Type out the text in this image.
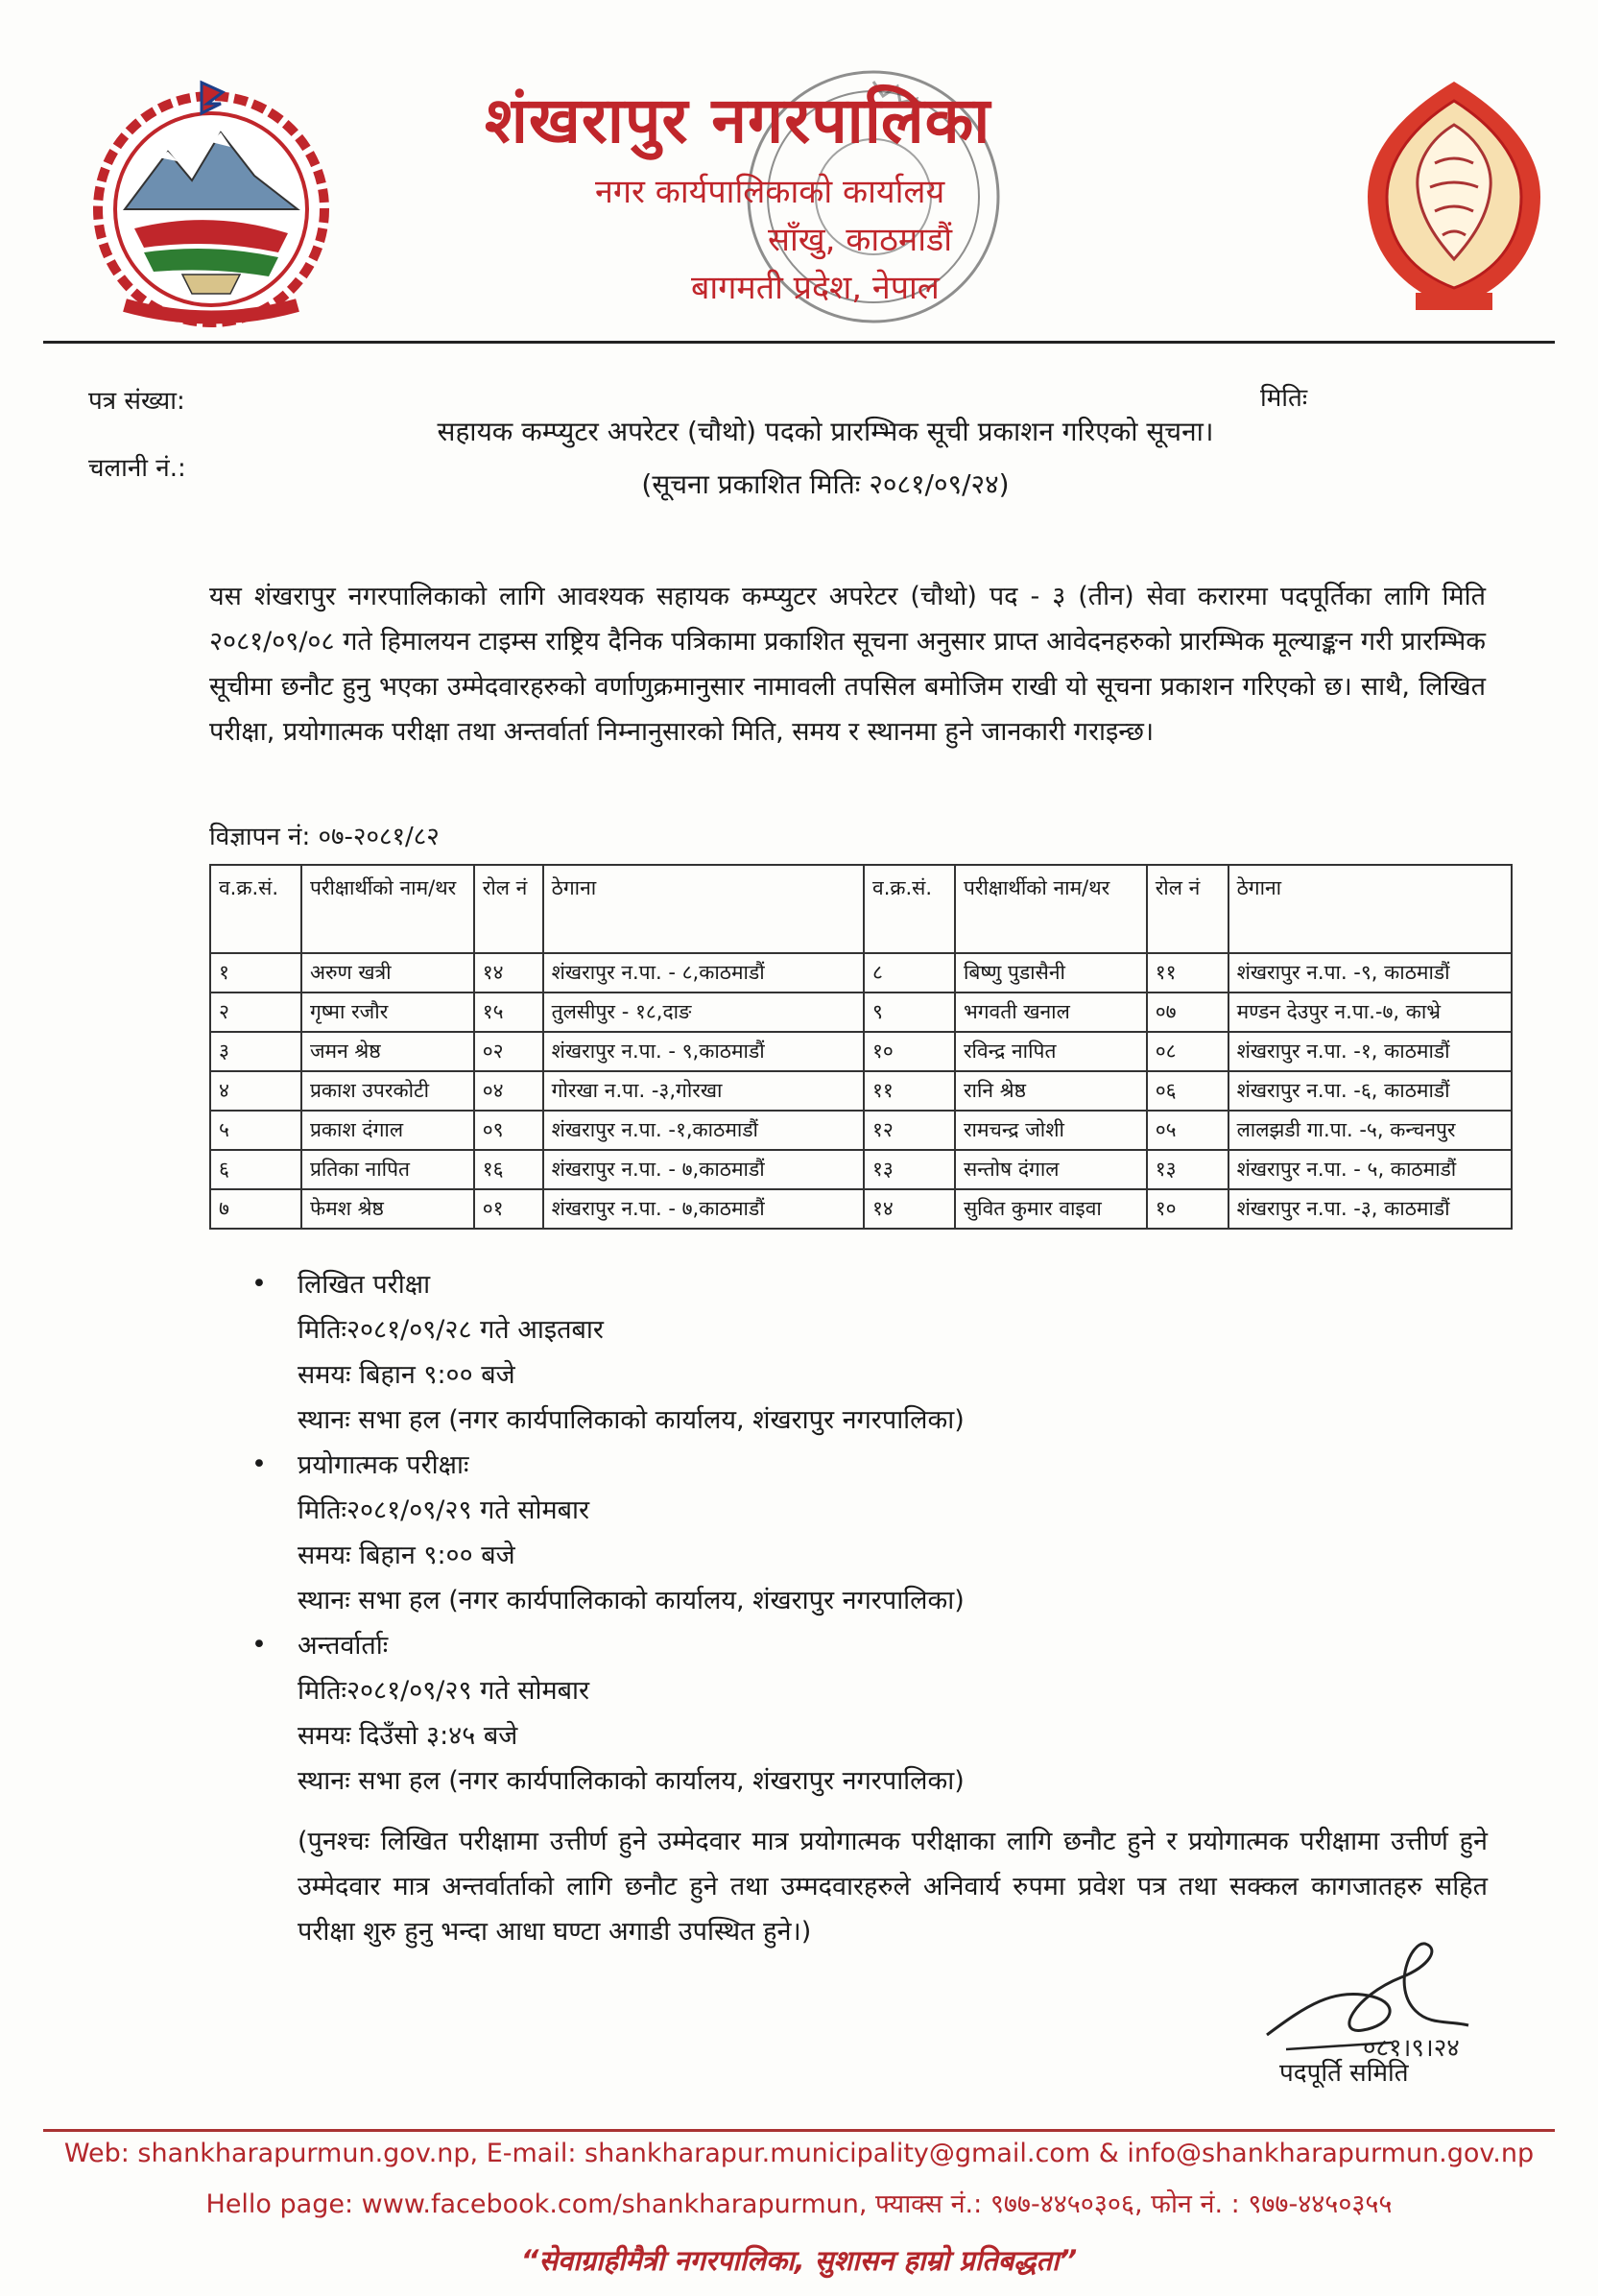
शंखरापुर नगरपालिका
नगर कार्यपालिकाको कार्यालय
साँखु, काठमाडौं
बागमती प्रदेश, नेपाल
पत्र संख्या:
चलानी नं.:
मितिः
सहायक कम्प्युटर अपरेटर (चौथो) पदको प्रारम्भिक सूची प्रकाशन गरिएको सूचना।
(सूचना प्रकाशित मितिः २०८१/०९/२४)
यस शंखरापुर नगरपालिकाको लागि आवश्यक सहायक कम्प्युटर अपरेटर (चौथो) पद - ३ (तीन) सेवा करारमा पदपूर्तिका लागि मिति २०८१/०९/०८ गते हिमालयन टाइम्स राष्ट्रिय दैनिक पत्रिकामा प्रकाशित सूचना अनुसार प्राप्त आवेदनहरुको प्रारम्भिक मूल्याङ्कन गरी प्रारम्भिक सूचीमा छनौट हुनु भएका उम्मेदवारहरुको वर्णाणुक्रमानुसार नामावली तपसिल बमोजिम राखी यो सूचना प्रकाशन गरिएको छ। साथै, लिखित परीक्षा, प्रयोगात्मक परीक्षा तथा अन्तर्वार्ता निम्नानुसारको मिति, समय र स्थानमा हुने जानकारी गराइन्छ।
विज्ञापन नं: ०७-२०८१/८२
व.क्र.सं.	परीक्षार्थीको नाम/थर	रोल नं	ठेगाना	व.क्र.सं.	परीक्षार्थीको नाम/थर	रोल नं	ठेगाना
१	अरुण खत्री	१४	शंखरापुर न.पा. - ८,काठमाडौं	८	बिष्णु पुडासैनी	११	शंखरापुर न.पा. -९, काठमाडौं
२	गृष्मा रजौर	१५	तुलसीपुर - १८,दाङ	९	भगवती खनाल	०७	मण्डन देउपुर न.पा.-७, काभ्रे
३	जमन श्रेष्ठ	०२	शंखरापुर न.पा. - ९,काठमाडौं	१०	रविन्द्र नापित	०८	शंखरापुर न.पा. -१, काठमाडौं
४	प्रकाश उपरकोटी	०४	गोरखा न.पा. -३,गोरखा	११	रानि श्रेष्ठ	०६	शंखरापुर न.पा. -६, काठमाडौं
५	प्रकाश दंगाल	०९	शंखरापुर न.पा. -१,काठमाडौं	१२	रामचन्द्र जोशी	०५	लालझडी गा.पा. -५, कन्चनपुर
६	प्रतिका नापित	१६	शंखरापुर न.पा. - ७,काठमाडौं	१३	सन्तोष दंगाल	१३	शंखरापुर न.पा. - ५, काठमाडौं
७	फेमश श्रेष्ठ	०१	शंखरापुर न.पा. - ७,काठमाडौं	१४	सुवित कुमार वाइवा	१०	शंखरापुर न.पा. -३, काठमाडौं
• लिखित परीक्षा
मितिः२०८१/०९/२८ गते आइतबार
समयः बिहान ९:०० बजे
स्थानः सभा हल (नगर कार्यपालिकाको कार्यालय, शंखरापुर नगरपालिका)
• प्रयोगात्मक परीक्षाः
मितिः२०८१/०९/२९ गते सोमबार
समयः बिहान ९:०० बजे
स्थानः सभा हल (नगर कार्यपालिकाको कार्यालय, शंखरापुर नगरपालिका)
• अन्तर्वार्ताः
मितिः२०८१/०९/२९ गते सोमबार
समयः दिउँसो ३:४५ बजे
स्थानः सभा हल (नगर कार्यपालिकाको कार्यालय, शंखरापुर नगरपालिका)
(पुनश्चः लिखित परीक्षामा उत्तीर्ण हुने उम्मेदवार मात्र प्रयोगात्मक परीक्षाका लागि छनौट हुने र प्रयोगात्मक परीक्षामा उत्तीर्ण हुने उम्मेदवार मात्र अन्तर्वार्ताको लागि छनौट हुने तथा उम्मदवारहरुले अनिवार्य रुपमा प्रवेश पत्र तथा सक्कल कागजातहरु सहित परीक्षा शुरु हुनु भन्दा आधा घण्टा अगाडी उपस्थित हुने।)
०८१।९।२४
पदपूर्ति समिति
Web: shankharapurmun.gov.np, E-mail: shankharapur.municipality@gmail.com & info@shankharapurmun.gov.np
Hello page: www.facebook.com/shankharapurmun, फ्याक्स नं.: ९७७-४४५०३०६, फोन नं. : ९७७-४४५०३५५
“सेवाग्राहीमैत्री नगरपालिका, सुशासन हाम्रो प्रतिबद्धता”
